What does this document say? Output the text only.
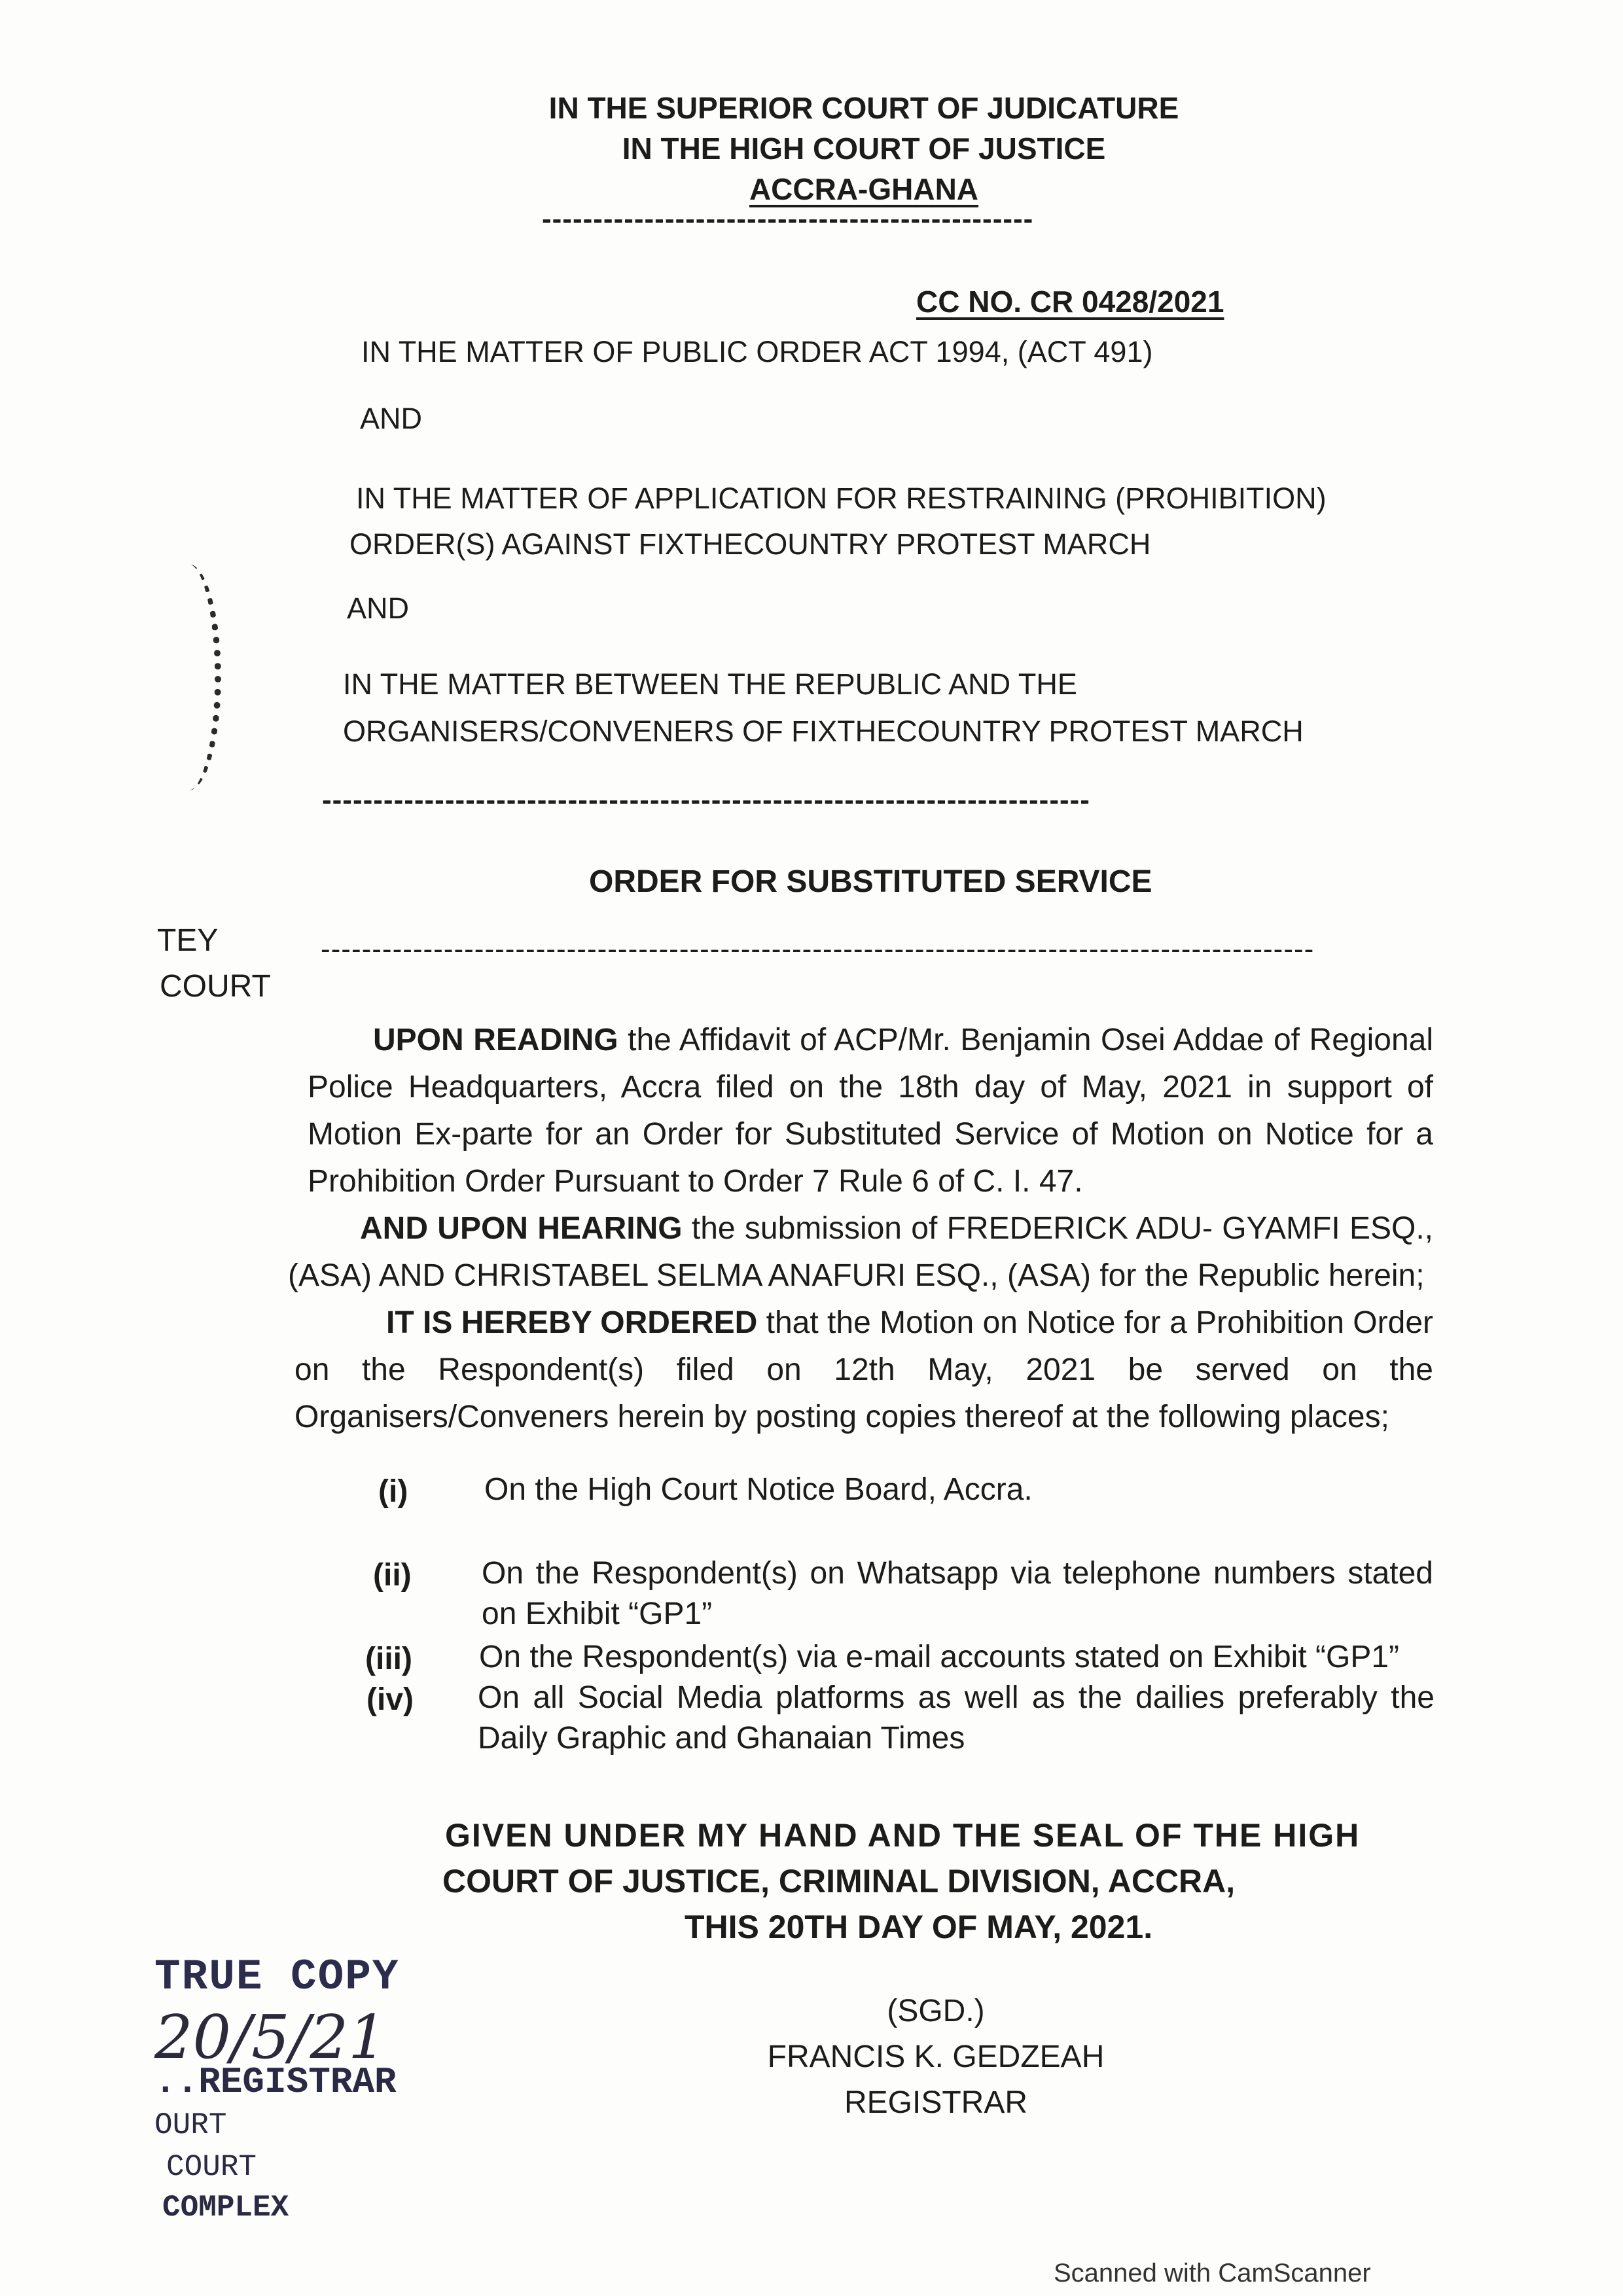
IN THE SUPERIOR COURT OF JUDICATURE
IN THE HIGH COURT OF JUSTICE
ACCRA-GHANA
------------------------------------------------
CC NO. CR 0428/2021
IN THE MATTER OF PUBLIC ORDER ACT 1994, (ACT 491)
AND
IN THE MATTER OF APPLICATION FOR RESTRAINING (PROHIBITION)
ORDER(S) AGAINST FIXTHECOUNTRY PROTEST MARCH
AND
IN THE MATTER BETWEEN THE REPUBLIC AND THE
ORGANISERS/CONVENERS OF FIXTHECOUNTRY PROTEST MARCH
---------------------------------------------------------------------------
ORDER FOR SUBSTITUTED SERVICE
-------------------------------------------------------------------------------------------------
TEY
COURT
UPON READING the Affidavit of ACP/Mr. Benjamin Osei Addae of Regional Police Headquarters, Accra filed on the 18th day of May, 2021 in support of Motion Ex-parte for an Order for Substituted Service of Motion on Notice for a Prohibition Order Pursuant to Order 7 Rule 6 of C. I. 47.
AND UPON HEARING the submission of FREDERICK ADU- GYAMFI ESQ., (ASA) AND CHRISTABEL SELMA ANAFURI ESQ., (ASA) for the Republic herein;
IT IS HEREBY ORDERED that the Motion on Notice for a Prohibition Order on the Respondent(s) filed on 12th May, 2021 be served on the Organisers/Conveners herein by posting copies thereof at the following places;
(i) On the High Court Notice Board, Accra.
(ii) On the Respondent(s) on Whatsapp via telephone numbers stated on Exhibit “GP1”
(iii) On the Respondent(s) via e-mail accounts stated on Exhibit “GP1”
(iv) On all Social Media platforms as well as the dailies preferably the Daily Graphic and Ghanaian Times
GIVEN UNDER MY HAND AND THE SEAL OF THE HIGH
COURT OF JUSTICE, CRIMINAL DIVISION, ACCRA,
THIS 20TH DAY OF MAY, 2021.
(SGD.)
FRANCIS K. GEDZEAH
REGISTRAR
TRUE COPY
20/5/21
..REGISTRAR
OURT
COURT
COMPLEX
Scanned with CamScanner
